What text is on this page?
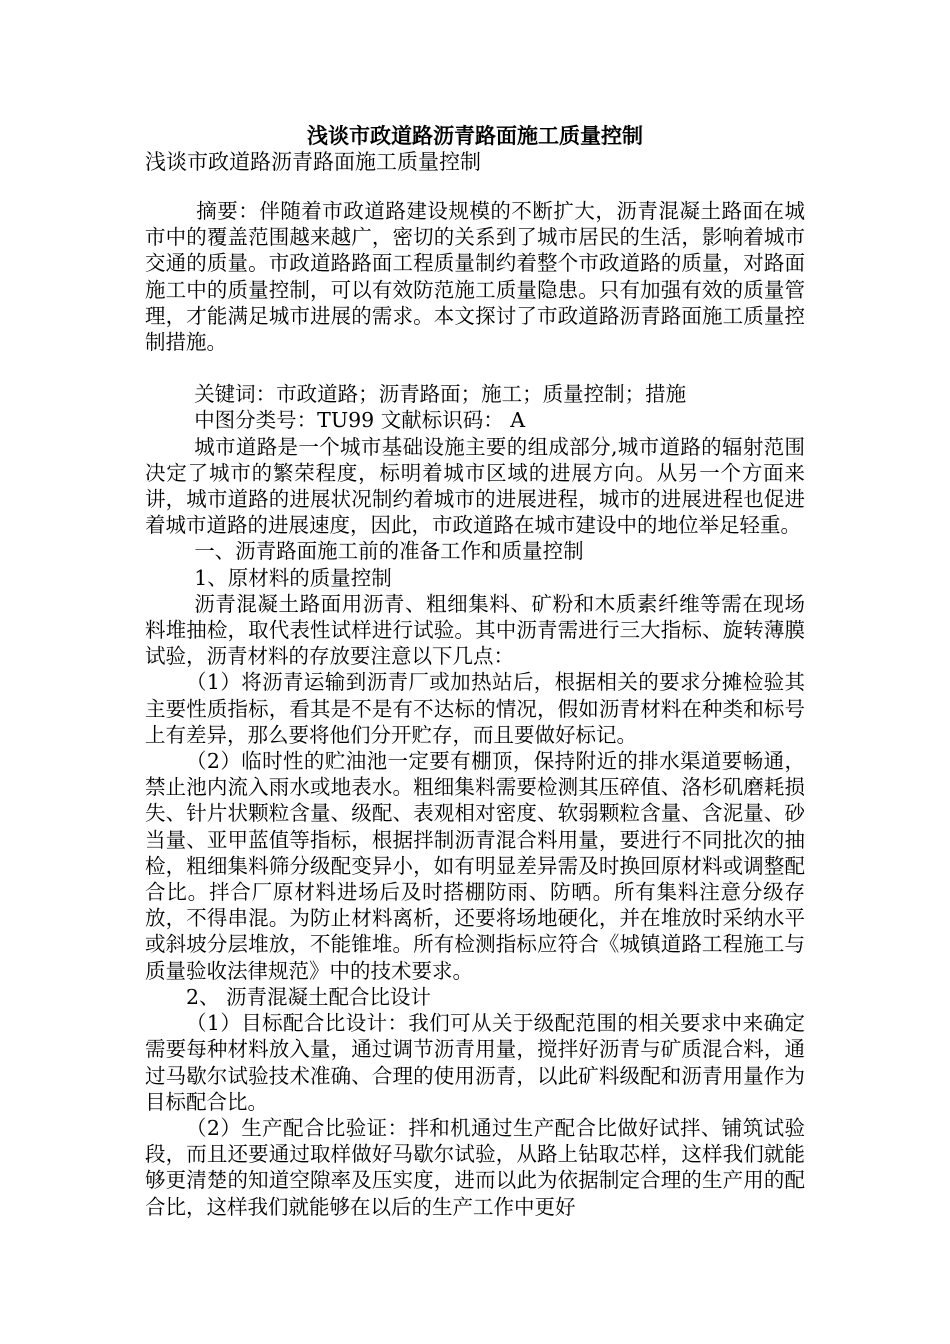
浅谈市政道路沥青路面施工质量控制
浅谈市政道路沥青路面施工质量控制

摘要：伴随着市政道路建设规模的不断扩大，沥青混凝土路面在城市中的覆盖范围越来越广，密切的关系到了城市居民的生活，影响着城市交通的质量。市政道路路面工程质量制约着整个市政道路的质量，对路面施工中的质量控制，可以有效防范施工质量隐患。只有加强有效的质量管理，才能满足城市进展的需求。本文探讨了市政道路沥青路面施工质量控制措施。

关键词：市政道路；沥青路面；施工；质量控制；措施

中图分类号：TU99 文献标识码： A

城市道路是一个城市基础设施主要的组成部分,城市道路的辐射范围决定了城市的繁荣程度，标明着城市区域的进展方向。从另一个方面来讲，城市道路的进展状况制约着城市的进展进程，城市的进展进程也促进着城市道路的进展速度，因此，市政道路在城市建设中的地位举足轻重。

一、沥青路面施工前的准备工作和质量控制

1、原材料的质量控制

沥青混凝土路面用沥青、粗细集料、矿粉和木质素纤维等需在现场料堆抽检，取代表性试样进行试验。其中沥青需进行三大指标、旋转薄膜试验，沥青材料的存放要注意以下几点：

（1）将沥青运输到沥青厂或加热站后，根据相关的要求分摊检验其主要性质指标，看其是不是有不达标的情况，假如沥青材料在种类和标号上有差异，那么要将他们分开贮存，而且要做好标记。

（2）临时性的贮油池一定要有棚顶，保持附近的排水渠道要畅通，禁止池内流入雨水或地表水。粗细集料需要检测其压碎值、洛杉矶磨耗损失、针片状颗粒含量、级配、表观相对密度、软弱颗粒含量、含泥量、砂当量、亚甲蓝值等指标，根据拌制沥青混合料用量，要进行不同批次的抽检，粗细集料筛分级配变异小，如有明显差异需及时换回原材料或调整配合比。拌合厂原材料进场后及时搭棚防雨、防晒。所有集料注意分级存放，不得串混。为防止材料离析，还要将场地硬化，并在堆放时采纳水平或斜坡分层堆放，不能锥堆。所有检测指标应符合《城镇道路工程施工与质量验收法律规范》中的技术要求。

2、 沥青混凝土配合比设计

（1）目标配合比设计：我们可从关于级配范围的相关要求中来确定需要每种材料放入量，通过调节沥青用量，搅拌好沥青与矿质混合料，通过马歇尔试验技术准确、合理的使用沥青，以此矿料级配和沥青用量作为目标配合比。

（2）生产配合比验证：拌和机通过生产配合比做好试拌、铺筑试验段，而且还要通过取样做好马歇尔试验，从路上钻取芯样，这样我们就能够更清楚的知道空隙率及压实度，进而以此为依据制定合理的生产用的配合比，这样我们就能够在以后的生产工作中更好
